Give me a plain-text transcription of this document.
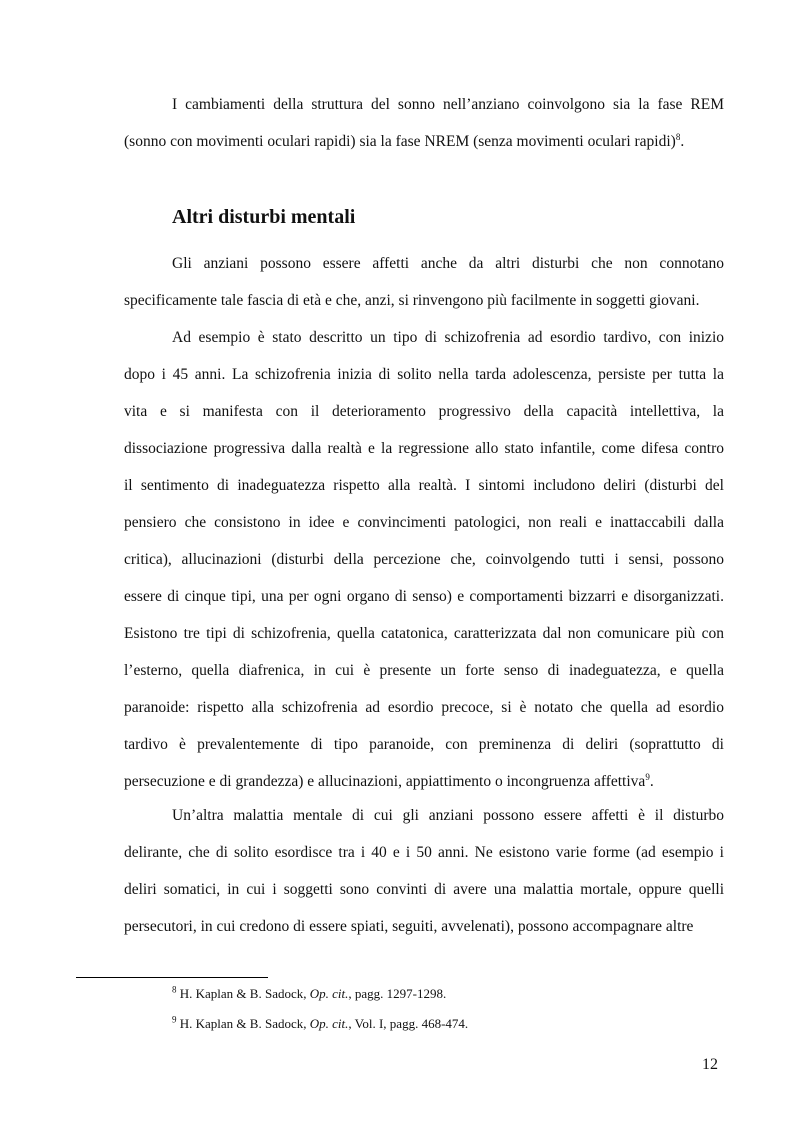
I cambiamenti della struttura del sonno nell’anziano coinvolgono sia la fase REM
(sonno con movimenti oculari rapidi) sia la fase NREM (senza movimenti oculari rapidi)$^8$.

Altri disturbi mentali

Gli anziani possono essere affetti anche da altri disturbi che non connotano
specificamente tale fascia di età e che, anzi, si rinvengono più facilmente in soggetti giovani.

Ad esempio è stato descritto un tipo di schizofrenia ad esordio tardivo, con inizio
dopo i 45 anni. La schizofrenia inizia di solito nella tarda adolescenza, persiste per tutta la
vita e si manifesta con il deterioramento progressivo della capacità intellettiva, la
dissociazione progressiva dalla realtà e la regressione allo stato infantile, come difesa contro
il sentimento di inadeguatezza rispetto alla realtà. I sintomi includono deliri (disturbi del
pensiero che consistono in idee e convincimenti patologici, non reali e inattaccabili dalla
critica), allucinazioni (disturbi della percezione che, coinvolgendo tutti i sensi, possono
essere di cinque tipi, una per ogni organo di senso) e comportamenti bizzarri e disorganizzati.
Esistono tre tipi di schizofrenia, quella catatonica, caratterizzata dal non comunicare più con
l’esterno, quella diafrenica, in cui è presente un forte senso di inadeguatezza, e quella
paranoide: rispetto alla schizofrenia ad esordio precoce, si è notato che quella ad esordio
tardivo è prevalentemente di tipo paranoide, con preminenza di deliri (soprattutto di
persecuzione e di grandezza) e allucinazioni, appiattimento o incongruenza affettiva$^9$.

Un’altra malattia mentale di cui gli anziani possono essere affetti è il disturbo
delirante, che di solito esordisce tra i 40 e i 50 anni. Ne esistono varie forme (ad esempio i
deliri somatici, in cui i soggetti sono convinti di avere una malattia mortale, oppure quelli
persecutori, in cui credono di essere spiati, seguiti, avvelenati), possono accompagnare altre

$^8$ H. Kaplan & B. Sadock, Op. cit., pagg. 1297-1298.

$^9$ H. Kaplan & B. Sadock, Op. cit., Vol. I, pagg. 468-474.

12
